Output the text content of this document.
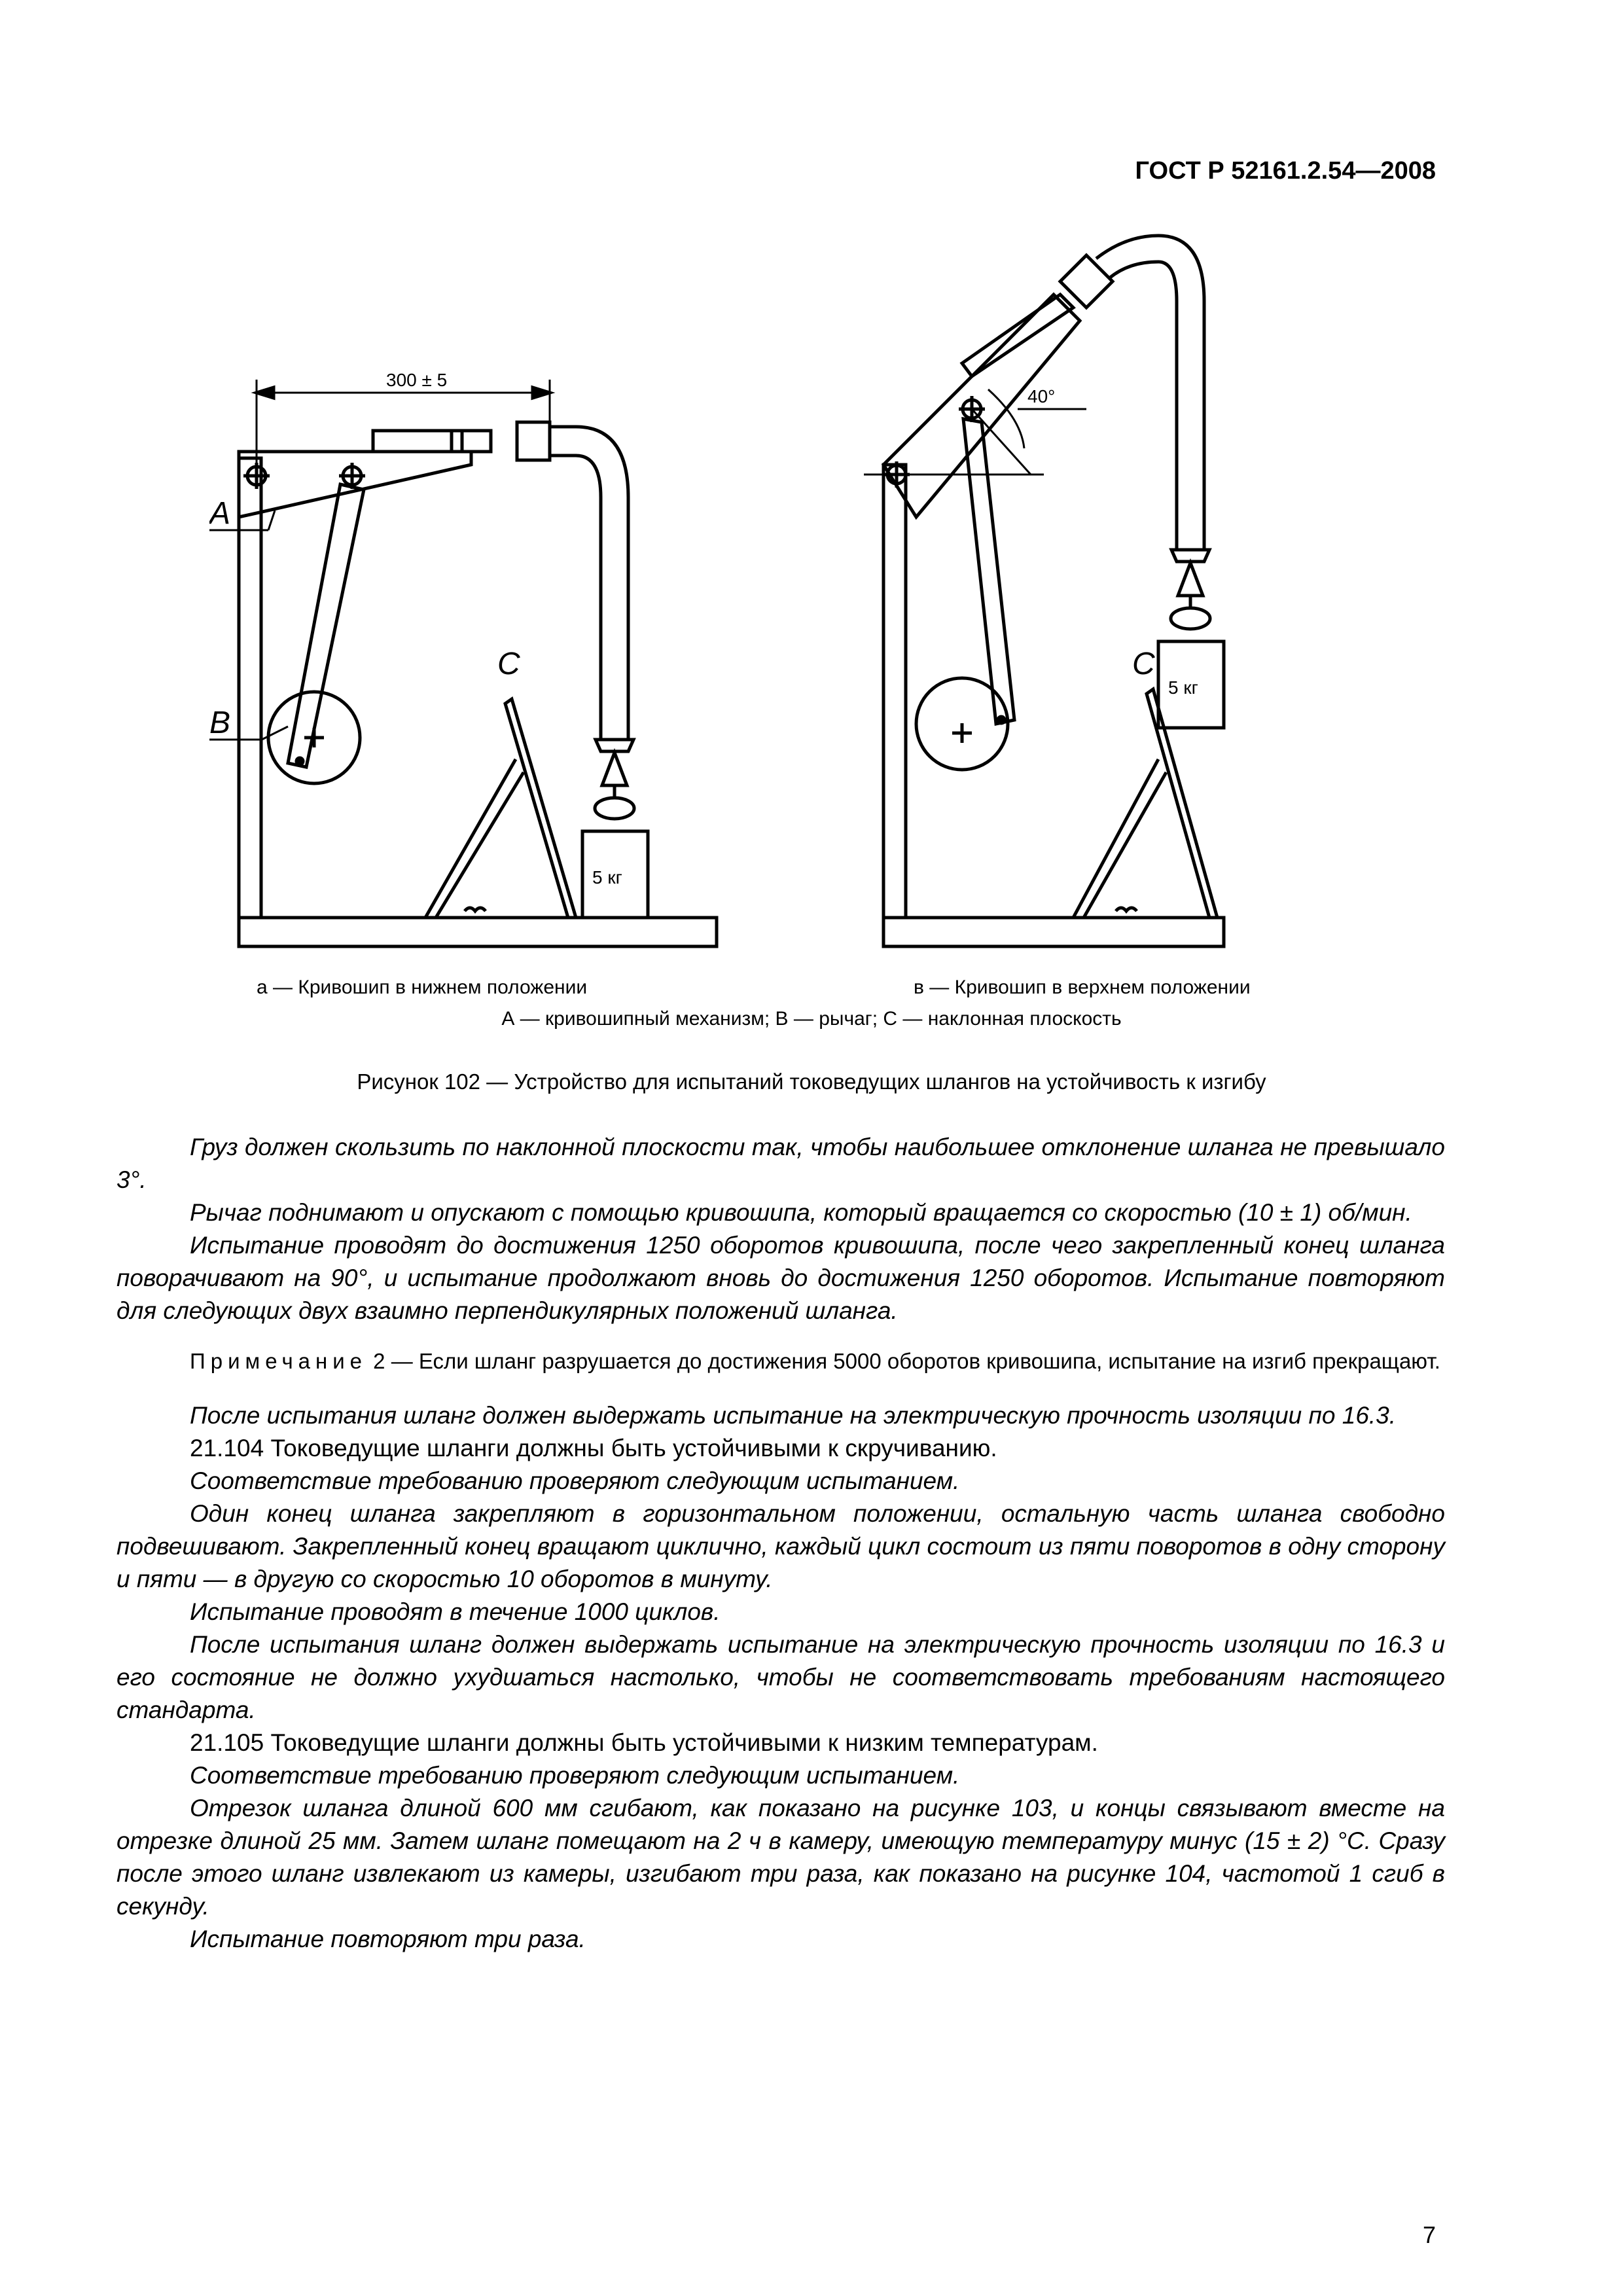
ГОСТ Р 52161.2.54—2008
300 ± 5
40°
A
B
C	C
5 кг
5 кг
а — Кривошип в нижнем положении	в — Кривошип в верхнем положении
А — кривошипный механизм; В — рычаг; С — наклонная плоскость
Рисунок 102 — Устройство для испытаний токоведущих шлангов на устойчивость к изгибу

Груз должен скользить по наклонной плоскости так, чтобы наибольшее отклонение шланга не превышало 3°.

Рычаг поднимают и опускают с помощью кривошипа, который вращается со скоростью (10 ± 1) об/мин.

Испытание проводят до достижения 1250 оборотов кривошипа, после чего закрепленный конец шланга поворачивают на 90°, и испытание продолжают вновь до достижения 1250 оборотов. Испытание повторяют для следующих двух взаимно перпендикулярных положений шланга.

Примечание 2 — Если шланг разрушается до достижения 5000 оборотов кривошипа, испытание на изгиб прекращают.

После испытания шланг должен выдержать испытание на электрическую прочность изоляции по 16.3.

21.104 Токоведущие шланги должны быть устойчивыми к скручиванию.

Соответствие требованию проверяют следующим испытанием.

Один конец шланга закрепляют в горизонтальном положении, остальную часть шланга свободно подвешивают. Закрепленный конец вращают циклично, каждый цикл состоит из пяти поворотов в одну сторону и пяти — в другую со скоростью 10 оборотов в минуту.

Испытание проводят в течение 1000 циклов.

После испытания шланг должен выдержать испытание на электрическую прочность изоляции по 16.3 и его состояние не должно ухудшаться настолько, чтобы не соответствовать требованиям настоящего стандарта.

21.105 Токоведущие шланги должны быть устойчивыми к низким температурам.

Соответствие требованию проверяют следующим испытанием.

Отрезок шланга длиной 600 мм сгибают, как показано на рисунке 103, и концы связывают вместе на отрезке длиной 25 мм. Затем шланг помещают на 2 ч в камеру, имеющую температуру минус (15 ± 2) °С. Сразу после этого шланг извлекают из камеры, изгибают три раза, как показано на рисунке 104, частотой 1 сгиб в секунду.

Испытание повторяют три раза.

7
